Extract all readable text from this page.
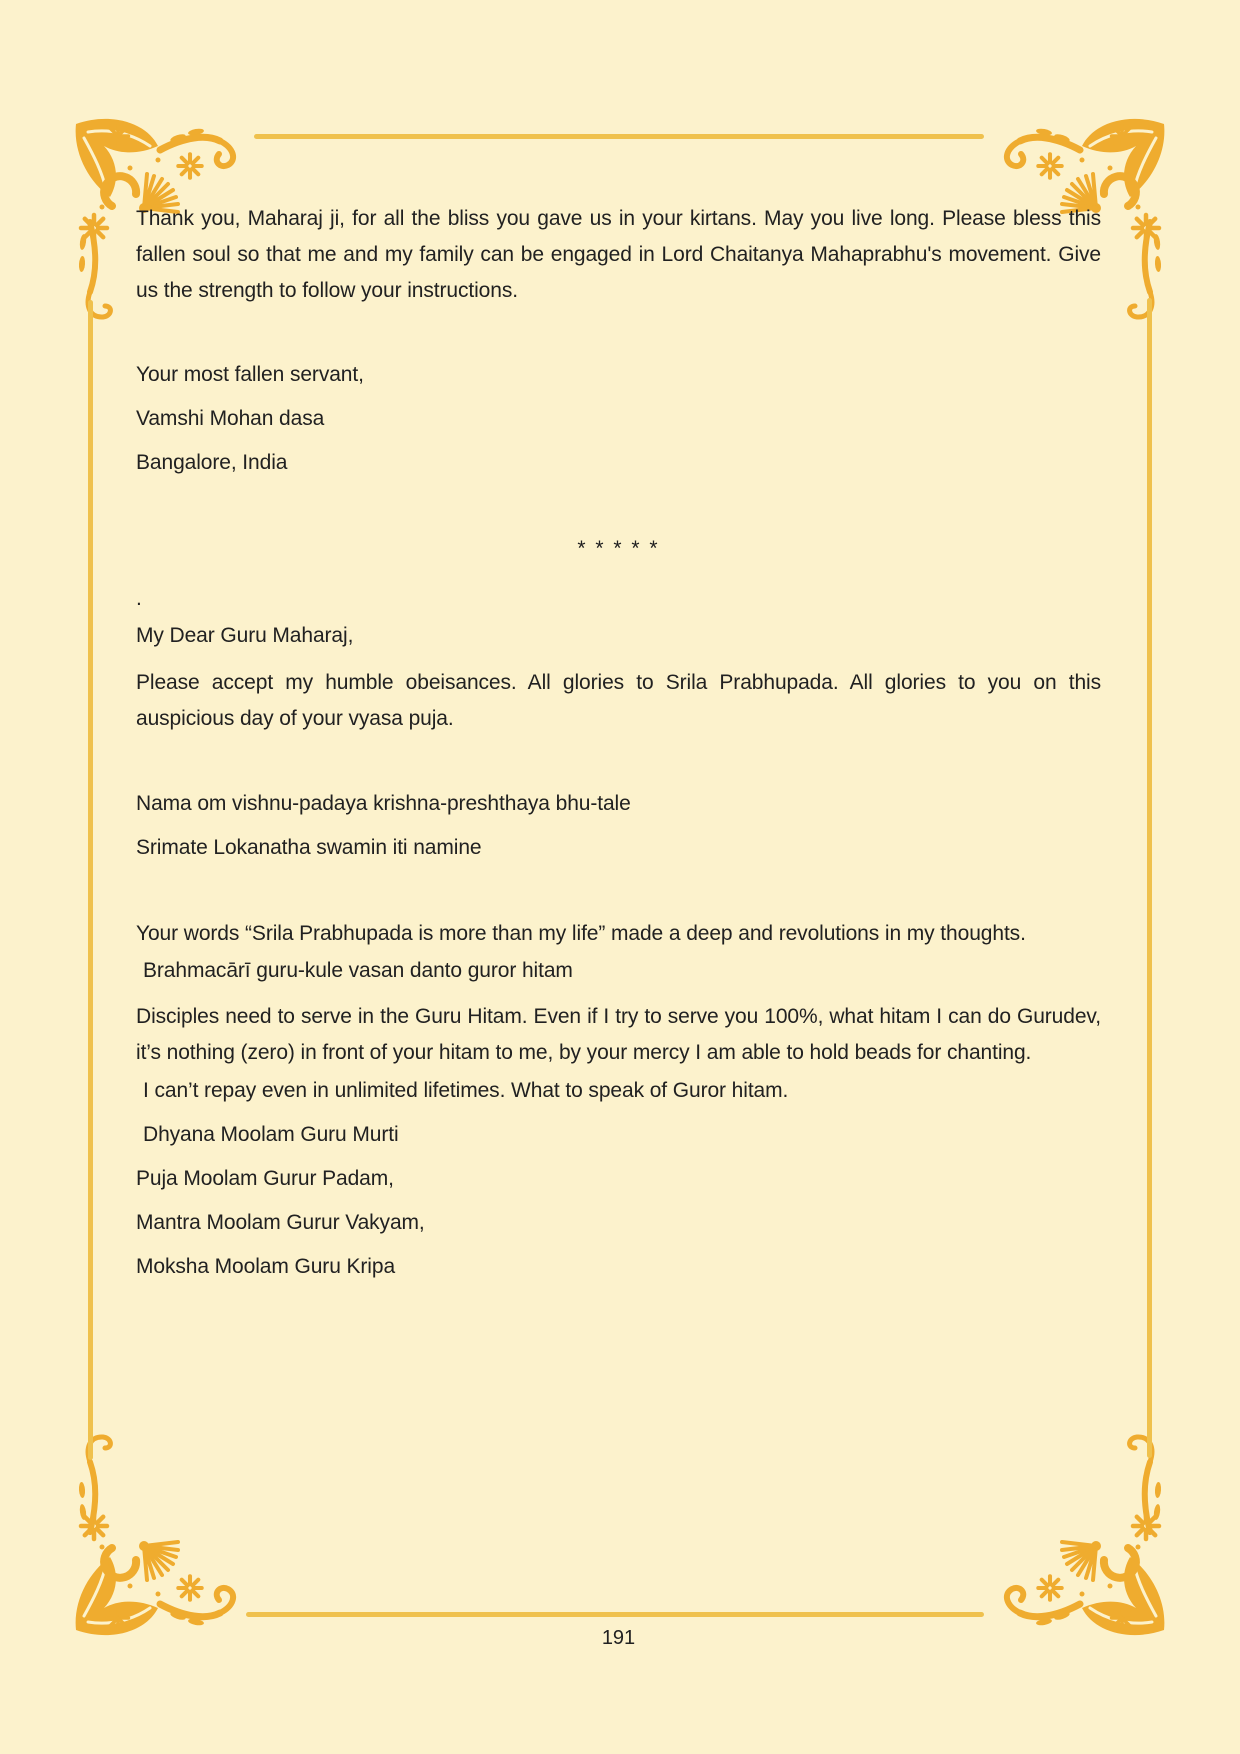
Thank you, Maharaj ji, for all the bliss you gave us in your kirtans. May you live long. Please bless this fallen soul so that me and my family can be engaged in Lord Chaitanya Mahaprabhu's movement. Give us the strength to follow your instructions.

Your most fallen servant,

Vamshi Mohan dasa

Bangalore, India

* * * * *

.

My Dear Guru Maharaj,

Please accept my humble obeisances. All glories to Srila Prabhupada. All glories to you on this auspicious day of your vyasa puja.

Nama om vishnu-padaya krishna-preshthaya bhu-tale

Srimate Lokanatha swamin iti namine

Your words “Srila Prabhupada is more than my life” made a deep and revolutions in my thoughts.

Brahmacārī guru-kule vasan danto guror hitam

Disciples need to serve in the Guru Hitam. Even if I try to serve you 100%, what hitam I can do Gurudev, it’s nothing (zero) in front of your hitam to me, by your mercy I am able to hold beads for chanting.

I can’t repay even in unlimited lifetimes. What to speak of Guror hitam.

Dhyana Moolam Guru Murti

Puja Moolam Gurur Padam,

Mantra Moolam Gurur Vakyam,

Moksha Moolam Guru Kripa

191
